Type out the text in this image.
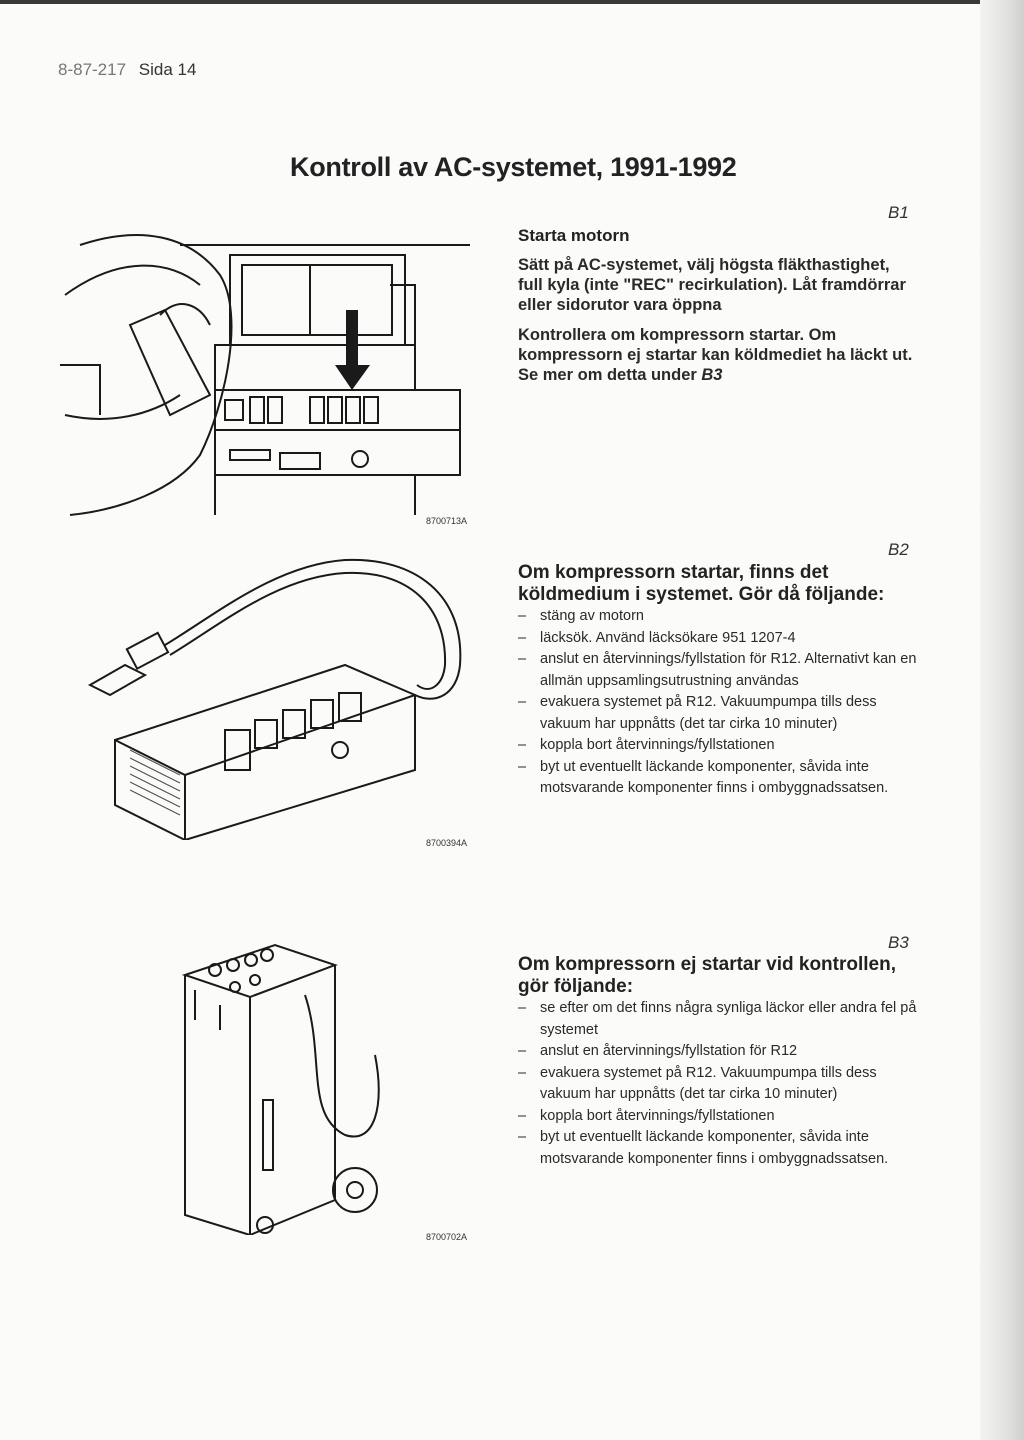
8-87-217 Sida 14
Kontroll av AC-systemet, 1991-1992
8700713A
B1
Starta motorn

Sätt på AC-systemet, välj högsta fläkthastighet, full kyla (inte "REC" recirkulation). Låt framdörrar eller sidorutor vara öppna

Kontrollera om kompressorn startar. Om kompressorn ej startar kan köldmediet ha läckt ut. Se mer om detta under B3

8700394A
B2
Om kompressorn startar, finns det köldmedium i systemet. Gör då följande:
– stäng av motorn
– läcksök. Använd läcksökare 951 1207-4
– anslut en återvinnings/fyllstation för R12. Alternativt kan en allmän uppsamlingsutrustning användas
– evakuera systemet på R12. Vakuumpumpa tills dess vakuum har uppnåtts (det tar cirka 10 minuter)
– koppla bort återvinnings/fyllstationen
– byt ut eventuellt läckande komponenter, såvida inte motsvarande komponenter finns i ombyggnadssatsen.
8700702A
B3
Om kompressorn ej startar vid kontrollen, gör följande:
– se efter om det finns några synliga läckor eller andra fel på systemet
– anslut en återvinnings/fyllstation för R12
– evakuera systemet på R12. Vakuumpumpa tills dess vakuum har uppnåtts (det tar cirka 10 minuter)
– koppla bort återvinnings/fyllstationen
– byt ut eventuellt läckande komponenter, såvida inte motsvarande komponenter finns i ombyggnadssatsen.
